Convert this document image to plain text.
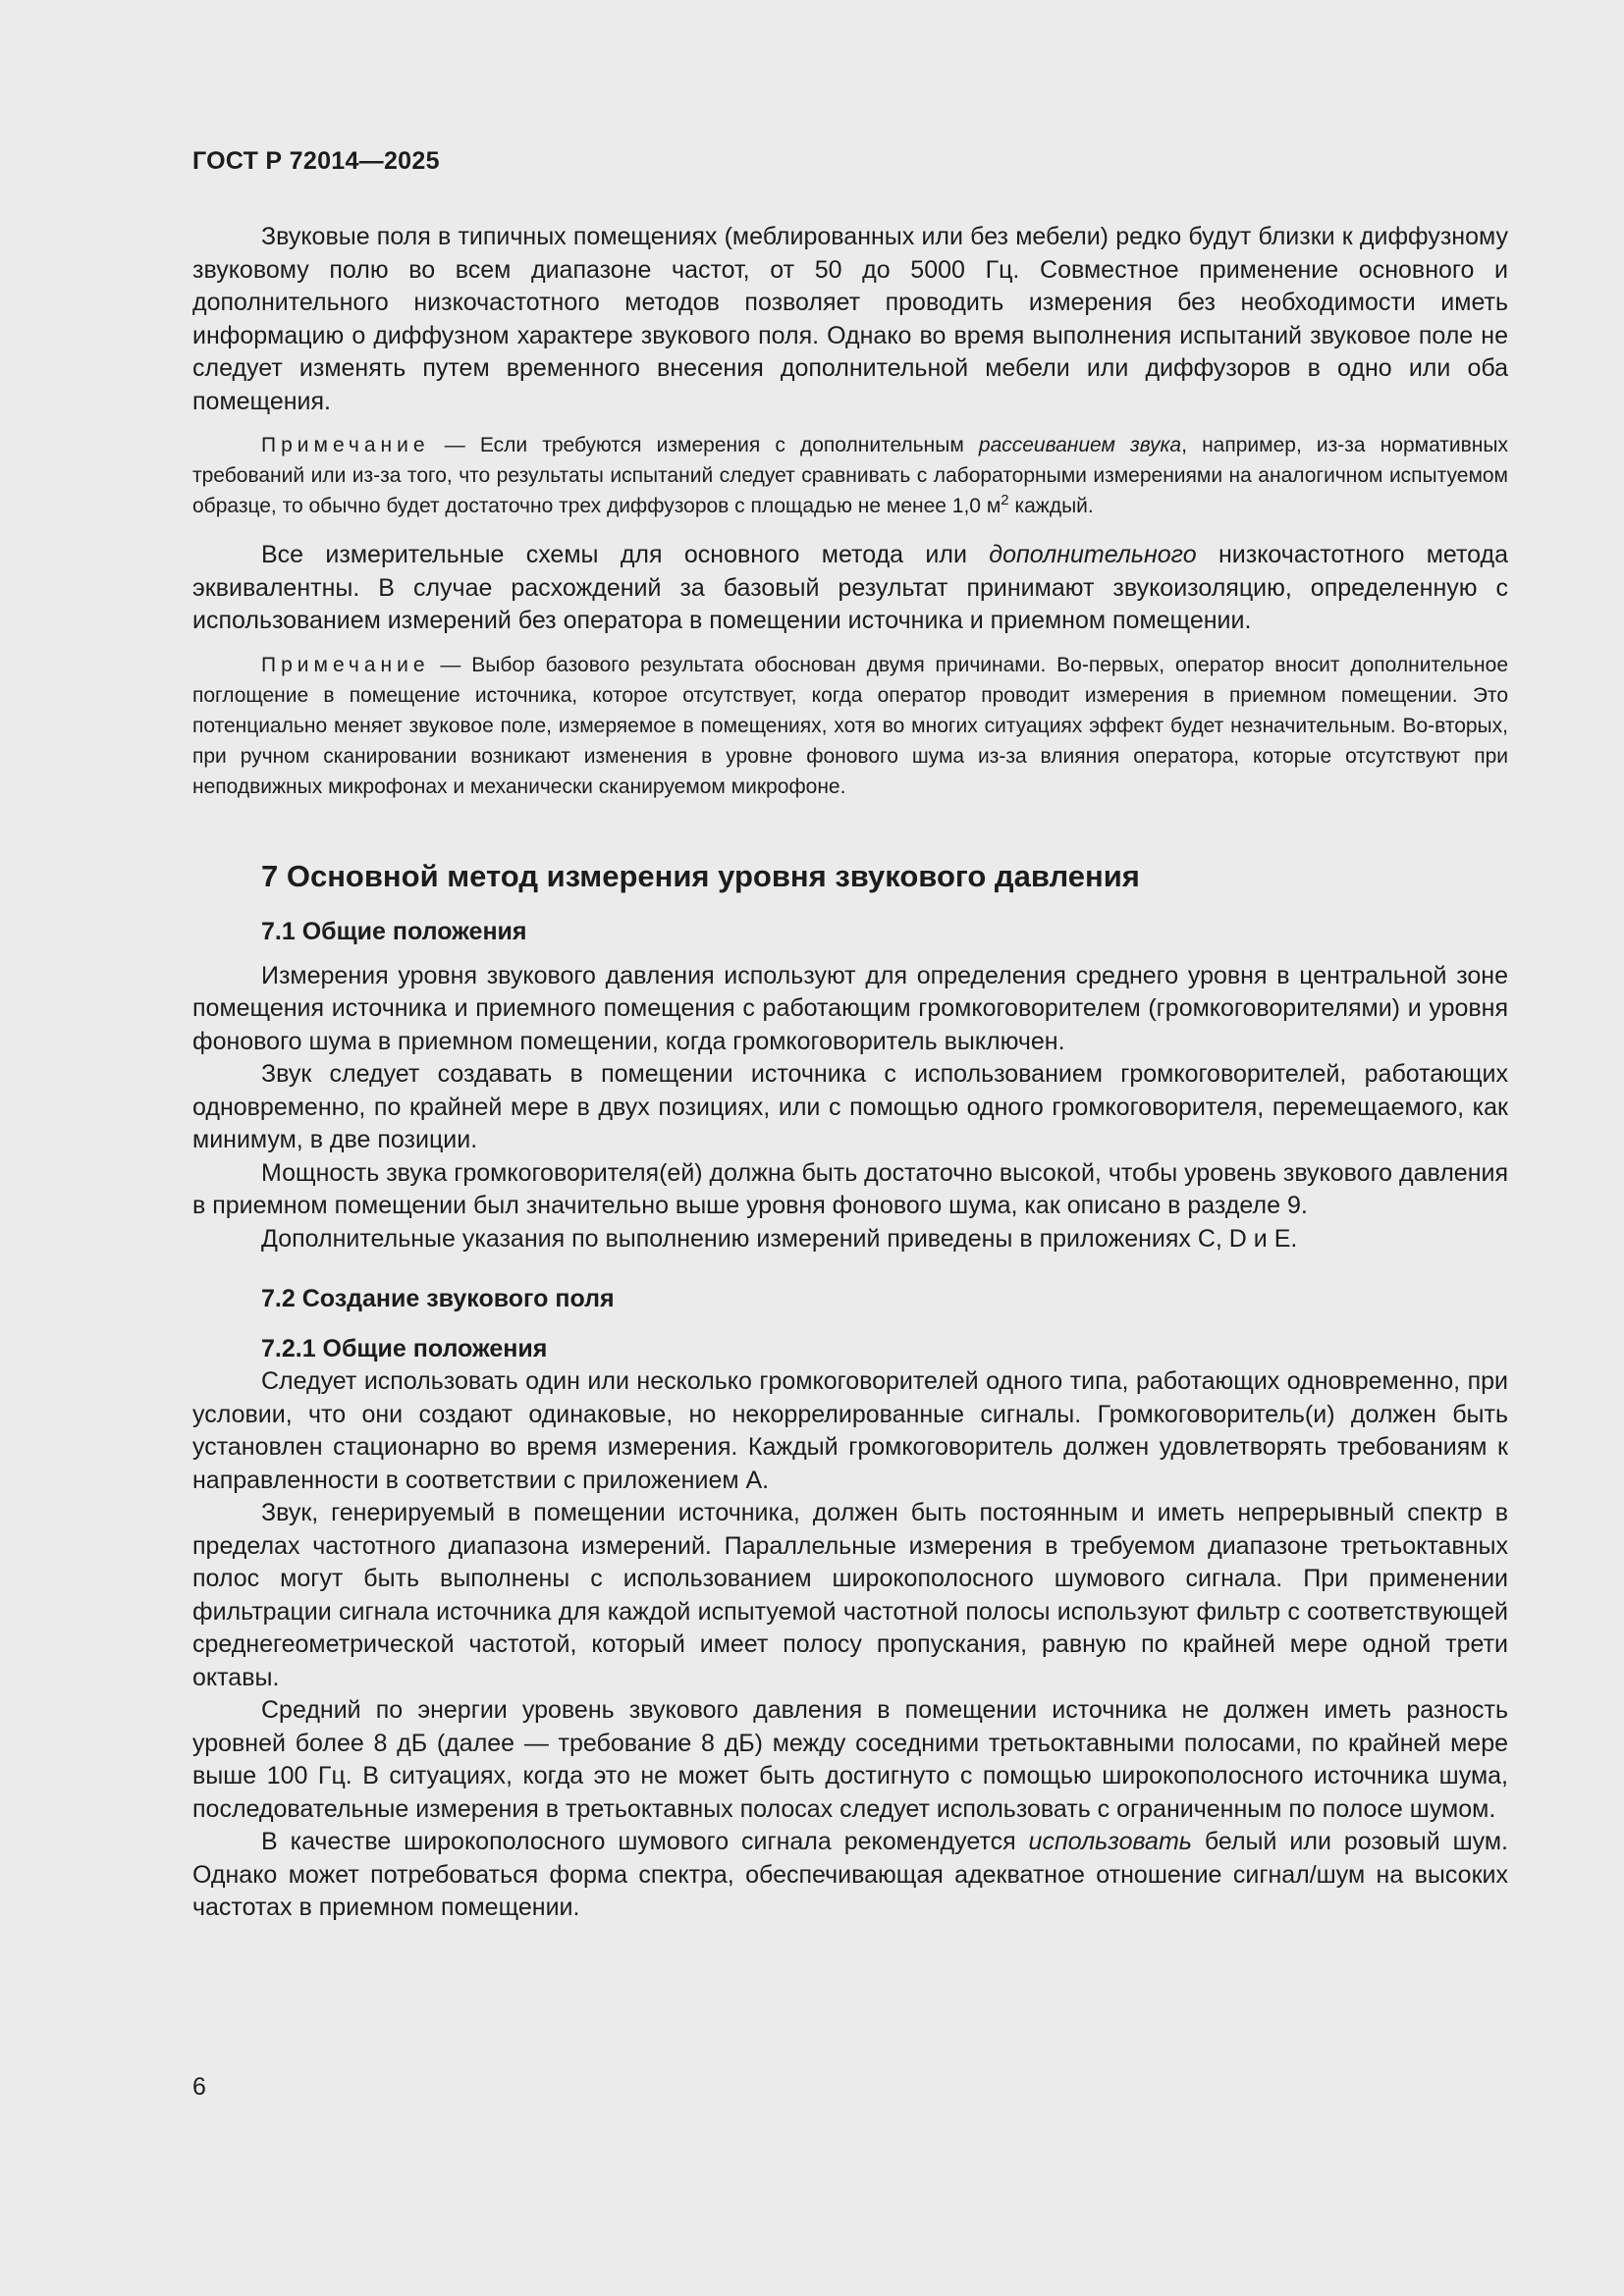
ГОСТ Р 72014—2025

Звуковые поля в типичных помещениях (меблированных или без мебели) редко будут близки к диффузному звуковому полю во всем диапазоне частот, от 50 до 5000 Гц. Совместное применение основного и дополнительного низкочастотного методов позволяет проводить измерения без необходимости иметь информацию о диффузном характере звукового поля. Однако во время выполнения испытаний звуковое поле не следует изменять путем временного внесения дополнительной мебели или диффузоров в одно или оба помещения.

Примечание — Если требуются измерения с дополнительным рассеиванием звука, например, из-за нормативных требований или из-за того, что результаты испытаний следует сравнивать с лабораторными измерениями на аналогичном испытуемом образце, то обычно будет достаточно трех диффузоров с площадью не менее 1,0 $м^2$ каждый.

Все измерительные схемы для основного метода или дополнительного низкочастотного метода эквивалентны. В случае расхождений за базовый результат принимают звукоизоляцию, определенную с использованием измерений без оператора в помещении источника и приемном помещении.

Примечание — Выбор базового результата обоснован двумя причинами. Во-первых, оператор вносит дополнительное поглощение в помещение источника, которое отсутствует, когда оператор проводит измерения в приемном помещении. Это потенциально меняет звуковое поле, измеряемое в помещениях, хотя во многих ситуациях эффект будет незначительным. Во-вторых, при ручном сканировании возникают изменения в уровне фонового шума из-за влияния оператора, которые отсутствуют при неподвижных микрофонах и механически сканируемом микрофоне.

7 Основной метод измерения уровня звукового давления
7.1 Общие положения

Измерения уровня звукового давления используют для определения среднего уровня в центральной зоне помещения источника и приемного помещения с работающим громкоговорителем (громкоговорителями) и уровня фонового шума в приемном помещении, когда громкоговоритель выключен.

Звук следует создавать в помещении источника с использованием громкоговорителей, работающих одновременно, по крайней мере в двух позициях, или с помощью одного громкоговорителя, перемещаемого, как минимум, в две позиции.

Мощность звука громкоговорителя(ей) должна быть достаточно высокой, чтобы уровень звукового давления в приемном помещении был значительно выше уровня фонового шума, как описано в разделе 9.

Дополнительные указания по выполнению измерений приведены в приложениях С, D и Е.

7.2 Создание звукового поля
7.2.1 Общие положения

Следует использовать один или несколько громкоговорителей одного типа, работающих одновременно, при условии, что они создают одинаковые, но некоррелированные сигналы. Громкоговоритель(и) должен быть установлен стационарно во время измерения. Каждый громкоговоритель должен удовлетворять требованиям к направленности в соответствии с приложением А.

Звук, генерируемый в помещении источника, должен быть постоянным и иметь непрерывный спектр в пределах частотного диапазона измерений. Параллельные измерения в требуемом диапазоне третьоктавных полос могут быть выполнены с использованием широкополосного шумового сигнала. При применении фильтрации сигнала источника для каждой испытуемой частотной полосы используют фильтр с соответствующей среднегеометрической частотой, который имеет полосу пропускания, равную по крайней мере одной трети октавы.

Средний по энергии уровень звукового давления в помещении источника не должен иметь разность уровней более 8 дБ (далее — требование 8 дБ) между соседними третьоктавными полосами, по крайней мере выше 100 Гц. В ситуациях, когда это не может быть достигнуто с помощью широкополосного источника шума, последовательные измерения в третьоктавных полосах следует использовать с ограниченным по полосе шумом.

В качестве широкополосного шумового сигнала рекомендуется использовать белый или розовый шум. Однако может потребоваться форма спектра, обеспечивающая адекватное отношение сигнал/шум на высоких частотах в приемном помещении.

6
